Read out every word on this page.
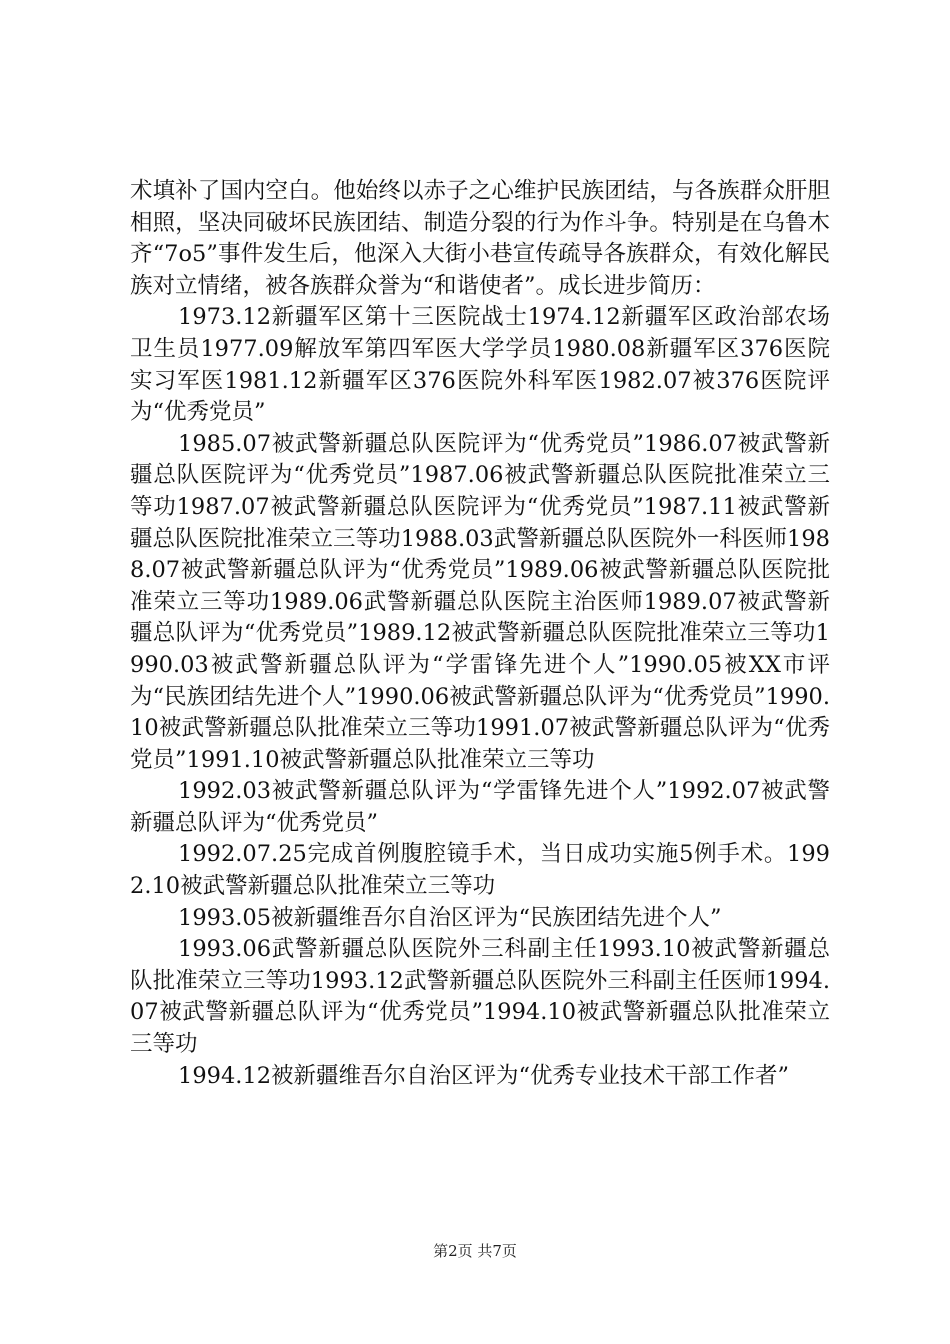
术填补了国内空白。他始终以赤子之心维护民族团结，与各族群众肝胆相照，坚决同破坏民族团结、制造分裂的行为作斗争。特别是在乌鲁木齐“7o5”事件发生后，他深入大街小巷宣传疏导各族群众，有效化解民族对立情绪，被各族群众誉为“和谐使者”。成长进步简历：

1973.12新疆军区第十三医院战士1974.12新疆军区政治部农场卫生员1977.09解放军第四军医大学学员1980.08新疆军区376医院实习军医1981.12新疆军区376医院外科军医1982.07被376医院评为“优秀党员”

1985.07被武警新疆总队医院评为“优秀党员”1986.07被武警新疆总队医院评为“优秀党员”1987.06被武警新疆总队医院批准荣立三等功1987.07被武警新疆总队医院评为“优秀党员”1987.11被武警新疆总队医院批准荣立三等功1988.03武警新疆总队医院外一科医师1988.07被武警新疆总队评为“优秀党员”1989.06被武警新疆总队医院批准荣立三等功1989.06武警新疆总队医院主治医师1989.07被武警新疆总队评为“优秀党员”1989.12被武警新疆总队医院批准荣立三等功1990.03被武警新疆总队评为“学雷锋先进个人”1990.05被XX市评为“民族团结先进个人”1990.06被武警新疆总队评为“优秀党员”1990.10被武警新疆总队批准荣立三等功1991.07被武警新疆总队评为“优秀党员”1991.10被武警新疆总队批准荣立三等功

1992.03被武警新疆总队评为“学雷锋先进个人”1992.07被武警新疆总队评为“优秀党员”

1992.07.25完成首例腹腔镜手术，当日成功实施5例手术。1992.10被武警新疆总队批准荣立三等功

1993.05被新疆维吾尔自治区评为“民族团结先进个人”

1993.06武警新疆总队医院外三科副主任1993.10被武警新疆总队批准荣立三等功1993.12武警新疆总队医院外三科副主任医师1994.07被武警新疆总队评为“优秀党员”1994.10被武警新疆总队批准荣立三等功

1994.12被新疆维吾尔自治区评为“优秀专业技术干部工作者”

第2页 共7页
